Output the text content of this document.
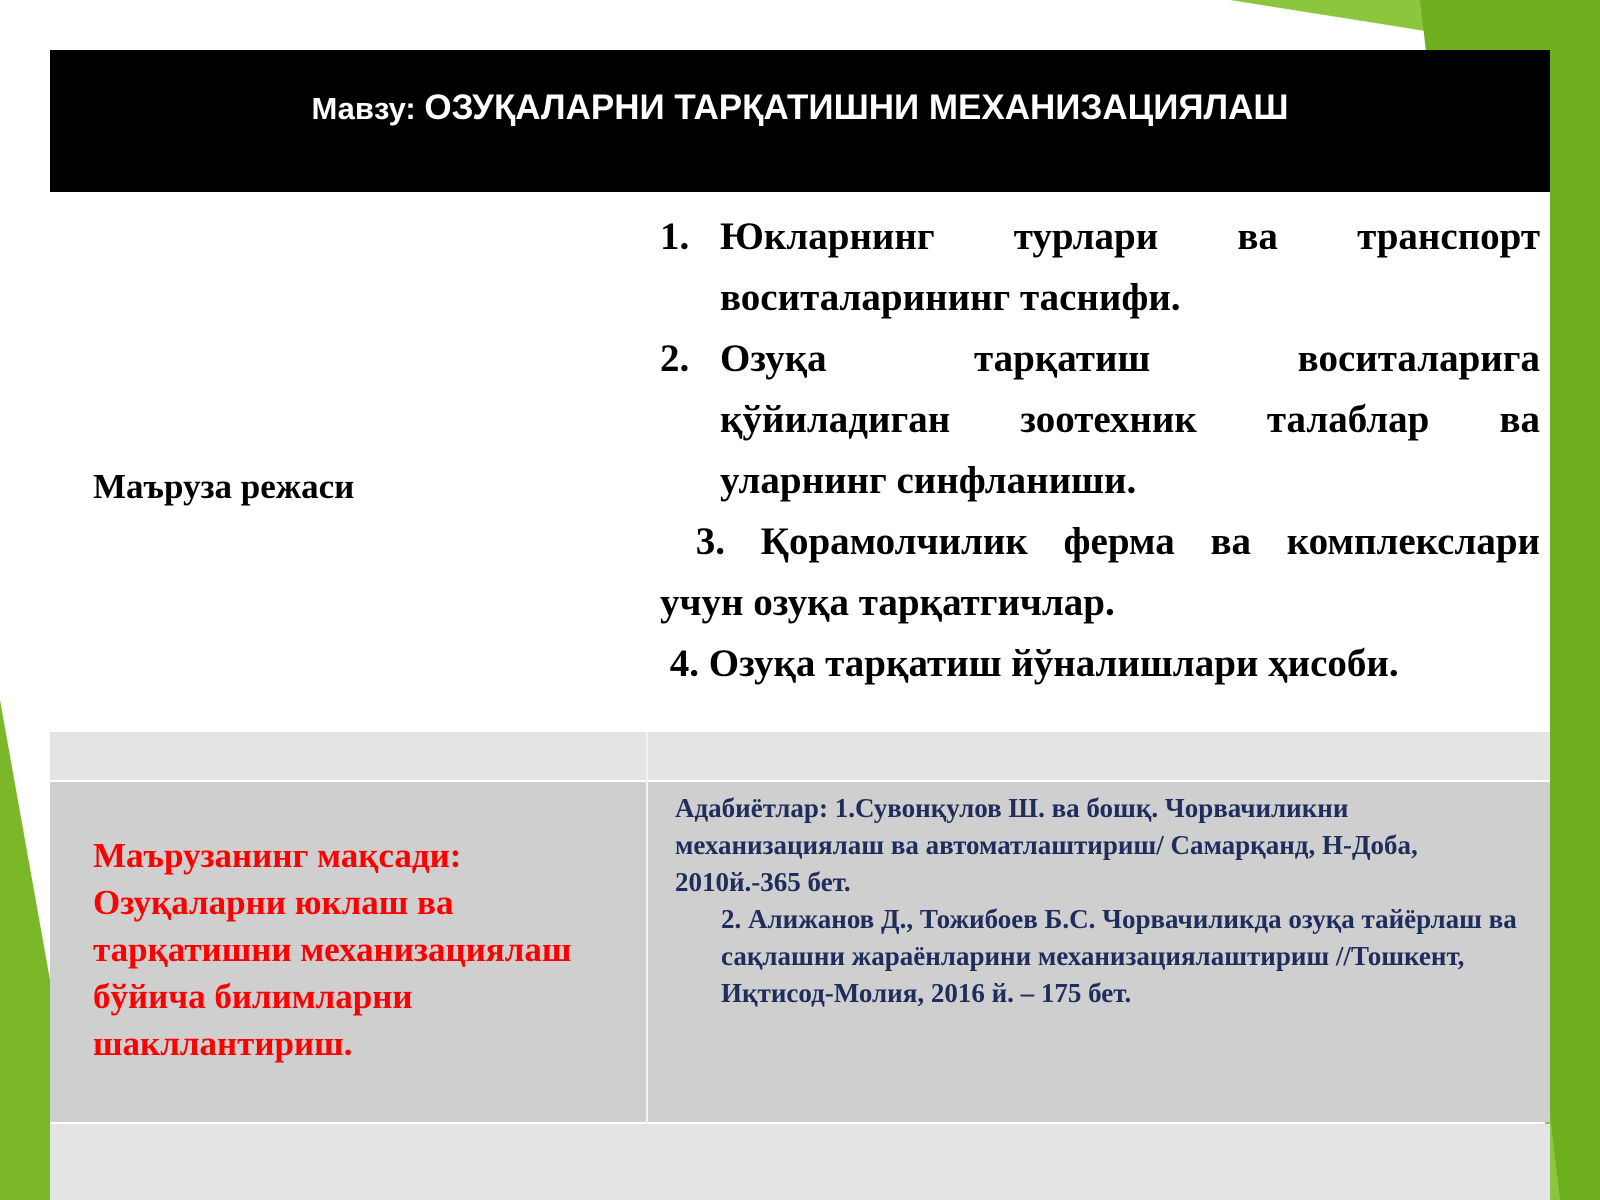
Мавзу: ОЗУҚАЛАРНИ ТАРҚАТИШНИ МЕХАНИЗАЦИЯЛАШ
Маъруза режаси
1. Юкларнинг турлари ва транспорт
воситаларининг таснифи.
2. Озуқа тарқатиш воситаларига
қўйиладиган зоотехник талаблар ва
уларнинг синфланиши.
3. Қорамолчилик ферма ва комплекслари
учун озуқа тарқатгичлар.
4. Озуқа тарқатиш йўналишлари ҳисоби.
Маърузанинг мақсади: Озуқаларни юклаш ва тарқатишни механизациялаш бўйича билимларни шакллантириш.
Адабиётлар: 1.Сувонқулов Ш. ва бошқ. Чорвачиликни механизациялаш ва автоматлаштириш/ Самарқанд, Н-Доба, 2010й.-365 бет.
2. Алижанов Д., Тожибоев Б.С. Чорвачиликда озуқа тайёрлаш ва сақлашни жараёнларини механизациялаштириш //Тошкент, Иқтисод-Молия, 2016 й. – 175 бет.
